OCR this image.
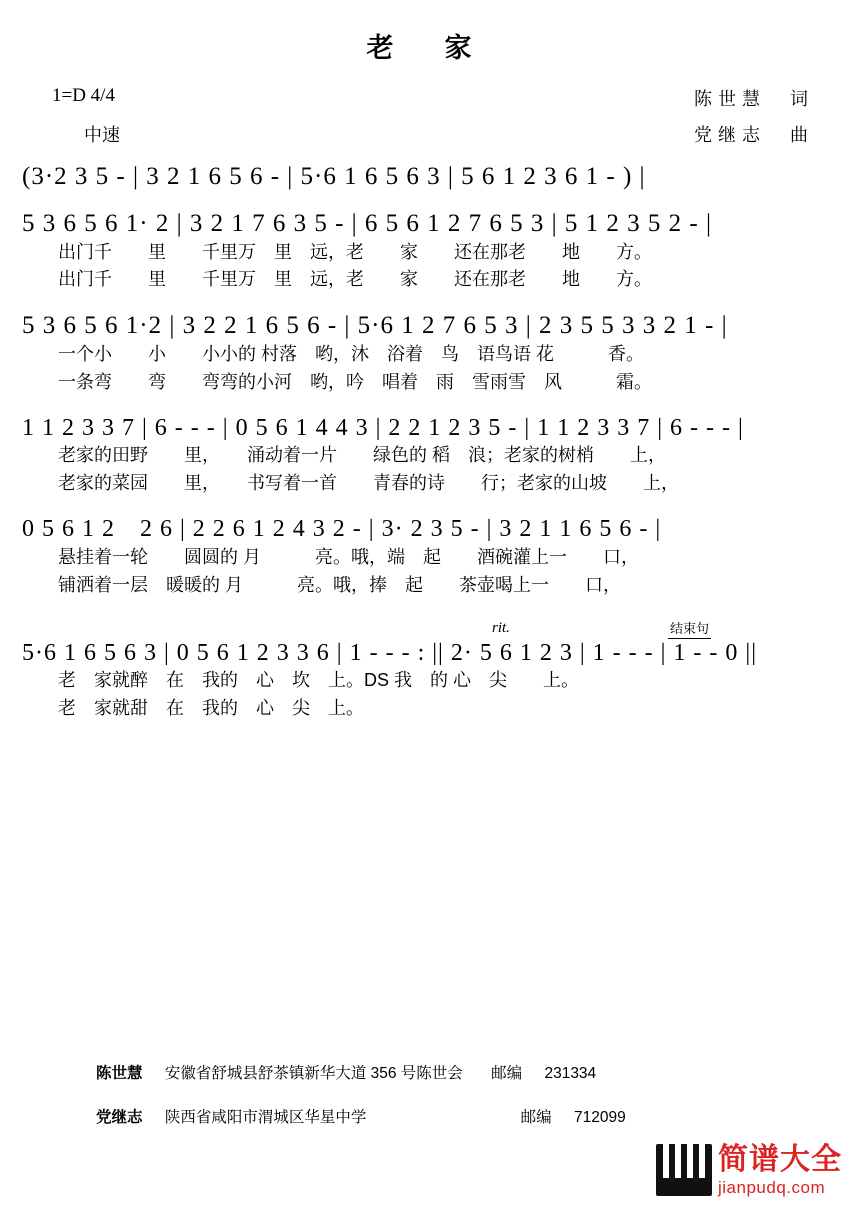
老　家
1=D 4/4
中速
陈世慧　词
党继志　曲
(3·2 3 5 - | 3 2 1 6 5 6 - | 5·6 1 6 5 6 3 | 5 6 1 2 3 6 1 - ) |
5 3 6 5 6 1· 2 | 3 2 1 7 6 3 5 - | 6 5 6 1 2 7 6 5 3 | 5 1 2 3 5 2 - |
出门千　　里　　千里万　里　远，老　　家　　还在那老　　地　　方。
出门千　　里　　千里万　里　远，老　　家　　还在那老　　地　　方。
5 3 6 5 6 1·2 | 3 2 2 1 6 5 6 - | 5·6 1 2 7 6 5 3 | 2 3 5 5 3 3 2 1 - |
一个小　　小　　小小的 村落　哟，沐　浴着　鸟　语鸟语 花　　　香。
一条弯　　弯　　弯弯的小河　哟，吟　唱着　雨　雪雨雪　风　　　霜。
1 1 2 3 3 7 | 6 - - - | 0 5 6 1 4 4 3 | 2 2 1 2 3 5 - | 1 1 2 3 3 7 | 6 - - - |
老家的田野　　里，　　涌动着一片　　绿色的 稻　浪；老家的树梢　　上，
老家的菜园　　里，　　书写着一首　　青春的诗　　行；老家的山坡　　上，
0 5 6 1 2　2 6 | 2 2 6 1 2 4 3 2 - | 3· 2 3 5 - | 3 2 1 1 6 5 6 - |
悬挂着一轮　　圆圆的 月　　　亮。哦，端　起　　酒碗灌上一　　口，
铺洒着一层　暖暖的 月　　　亮。哦，捧　起　　茶壶喝上一　　口，
rit.	结束句
5·6 1 6 5 6 3 | 0 5 6 1 2 3 3 6 | 1 - - - : || 2· 5 6 1 2 3 | 1 - - - | 1 - - 0 ||
老　家就醉　在　我的　心　坎　上。DS 我　的 心　尖　　上。
老　家就甜　在　我的　心　尖　上。
陈世慧 安徽省舒城县舒茶镇新华大道 356 号陈世会 邮编 231334
党继志 陕西省咸阳市渭城区华星中学	邮编 712099
简谱大全
jianpudq.com
